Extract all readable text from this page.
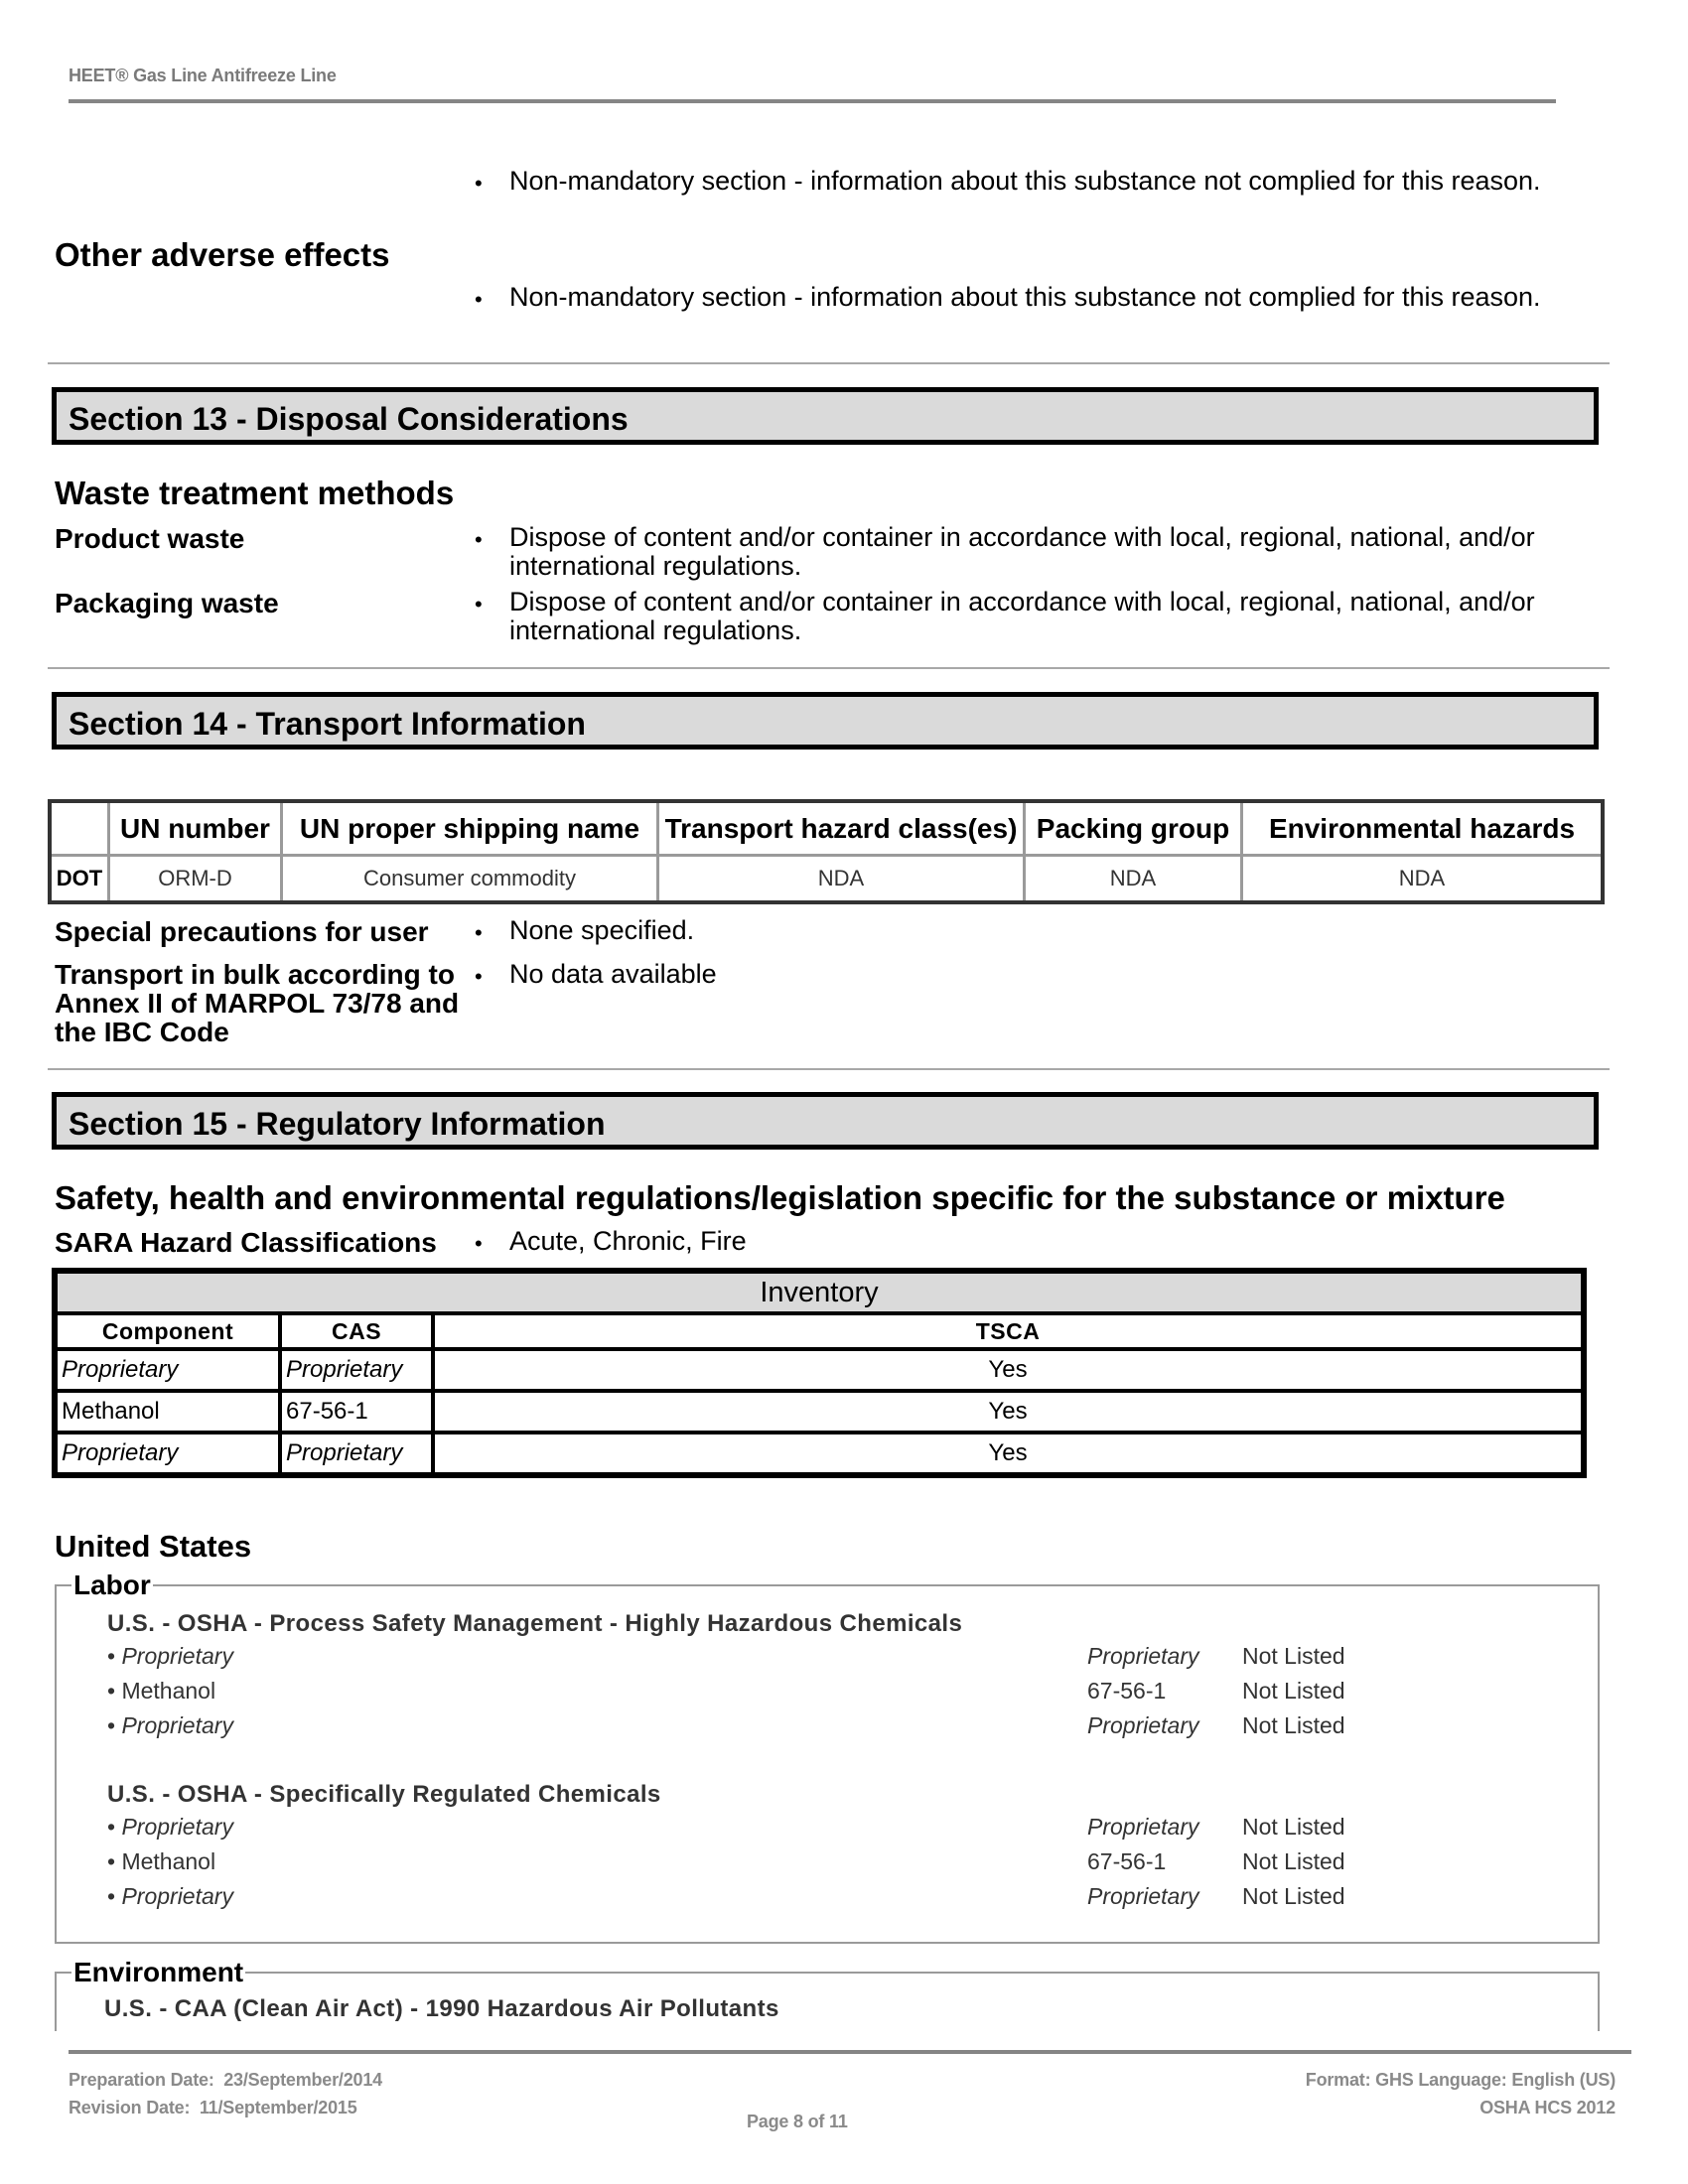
HEET® Gas Line Antifreeze Line
•	Non-mandatory section - information about this substance not complied for this reason.
Other adverse effects
•	Non-mandatory section - information about this substance not complied for this reason.
Section 13 - Disposal Considerations
Waste treatment methods
Product waste	•	Dispose of content and/or container in accordance with local, regional, national, and/or international regulations.
Packaging waste	•	Dispose of content and/or container in accordance with local, regional, national, and/or international regulations.
Section 14 - Transport Information
	UN number	UN proper shipping name	Transport hazard class(es)	Packing group	Environmental hazards
DOT	ORM-D	Consumer commodity	NDA	NDA	NDA
Special precautions for user •	None specified.
Transport in bulk according to Annex II of MARPOL 73/78 and the IBC Code
•	No data available
Section 15 - Regulatory Information
Safety, health and environmental regulations/legislation specific for the substance or mixture
SARA Hazard Classifications •	Acute, Chronic, Fire
Inventory		
Component	CAS	TSCA
Proprietary	Proprietary	Yes
Methanol	67-56-1	Yes
Proprietary	Proprietary	Yes
United States
Labor
U.S. - OSHA - Process Safety Management - Highly Hazardous Chemicals
• Proprietary	Proprietary Not Listed
• Methanol	67-56-1	Not Listed
• Proprietary	Proprietary Not Listed
U.S. - OSHA - Specifically Regulated Chemicals
• Proprietary	Proprietary Not Listed
• Methanol	67-56-1	Not Listed
• Proprietary	Proprietary Not Listed
Environment
U.S. - CAA (Clean Air Act) - 1990 Hazardous Air Pollutants
Preparation Date: 23/September/2014
Revision Date: 11/September/2015
Page 8 of 11
Format: GHS Language: English (US)
OSHA HCS 2012
